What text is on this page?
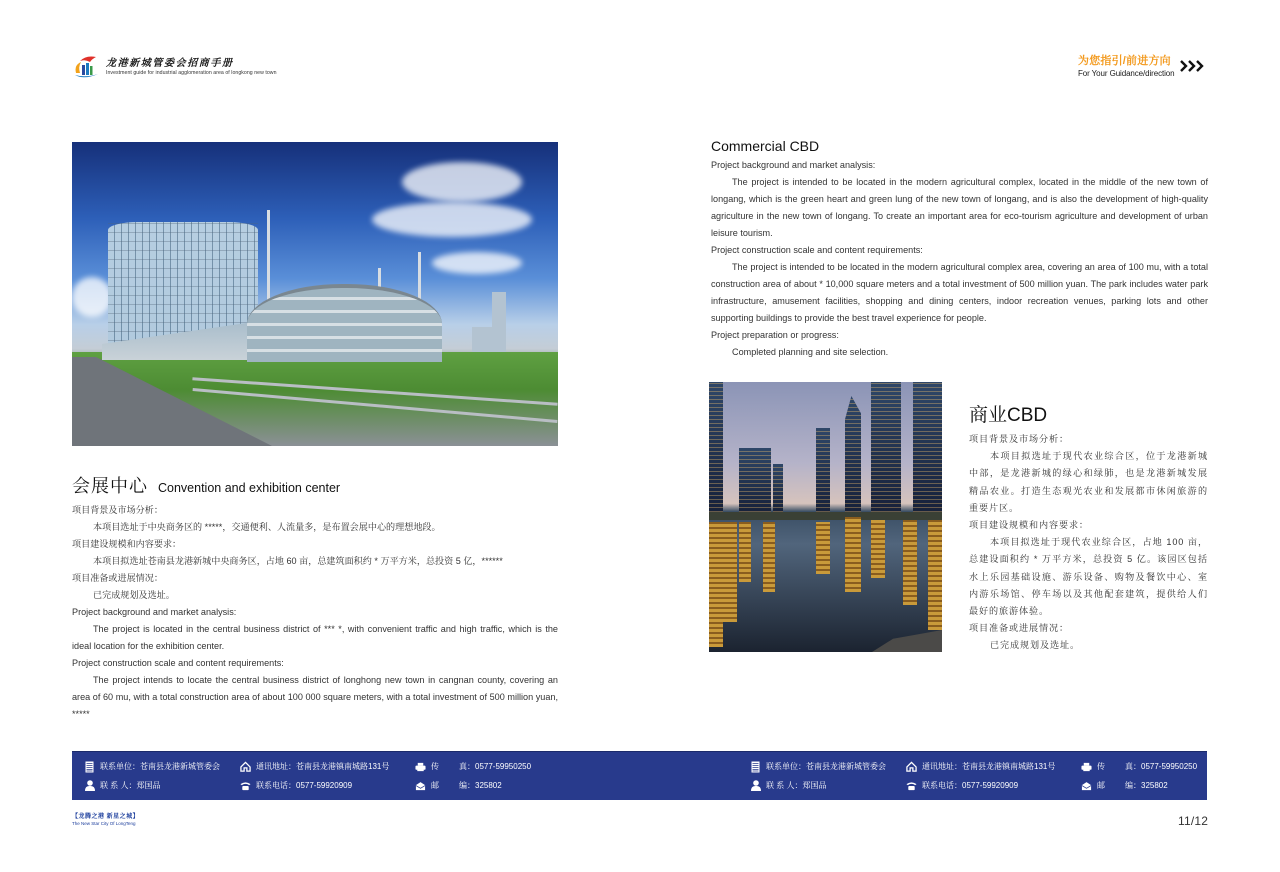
龙港新城管委会招商手册
Investment guide for industrial agglomeration area of longkong new town
为您指引/前进方向
For Your Guidance/direction
会展中心 Convention and exhibition center

项目背景及市场分析：

本项目选址于中央商务区的 *****，交通便利、人流量多，是布置会展中心的理想地段。

项目建设规模和内容要求：

本项目拟选址苍南县龙港新城中央商务区，占地 60 亩，总建筑面积约 * 万平方米，总投资 5 亿，******

项目准备或进展情况：

已完成规划及选址。

Project background and market analysis:

The project is located in the central business district of *** *, with convenient traffic and high traffic, which is the ideal location for the exhibition center.

Project construction scale and content requirements:

The project intends to locate the central business district of longhong new town in cangnan county, covering an area of 60 mu, with a total construction area of about 100 000 square meters, with a total investment of 500 million yuan, *****

Commercial CBD

Project background and market analysis:

The project is intended to be located in the modern agricultural complex, located in the middle of the new town of longang, which is the green heart and green lung of the new town of longang, and is also the development of high-quality agriculture in the new town of longang. To create an important area for eco-tourism agriculture and development of urban leisure tourism.

Project construction scale and content requirements:

The project is intended to be located in the modern agricultural complex area, covering an area of 100 mu, with a total construction area of about * 10,000 square meters and a total investment of 500 million yuan. The park includes water park infrastructure, amusement facilities, shopping and dining centers, indoor recreation venues, parking lots and other supporting buildings to provide the best travel experience for people.

Project preparation or progress:

Completed planning and site selection.

商业CBD

项目背景及市场分析：

本项目拟选址于现代农业综合区，位于龙港新城中部，是龙港新城的绿心和绿肺，也是龙港新城发展精品农业。打造生态观光农业和发展都市休闲旅游的重要片区。

项目建设规模和内容要求：

本项目拟选址于现代农业综合区，占地 100 亩，总建设面积约 * 万平方米，总投资 5 亿。该园区包括水上乐园基础设施、游乐设备、购物及餐饮中心、室内游乐场馆、停车场以及其他配套建筑，提供给人们最好的旅游体验。

项目准备或进展情况：

已完成规划及选址。

联系单位： 苍南县龙港新城管委会
联 系 人： 郑国品
通讯地址： 苍南县龙港镇南城路131号
联系电话： 0577-59920909
传	真： 0577-59950250
邮	编： 325802
联系单位： 苍南县龙港新城管委会
联 系 人： 郑国品
通讯地址： 苍南县龙港镇南城路131号
联系电话： 0577-59920909
传	真： 0577-59950250
邮	编： 325802
【龙腾之港 新星之城】
The New Star City Of LongTeng	11/12
